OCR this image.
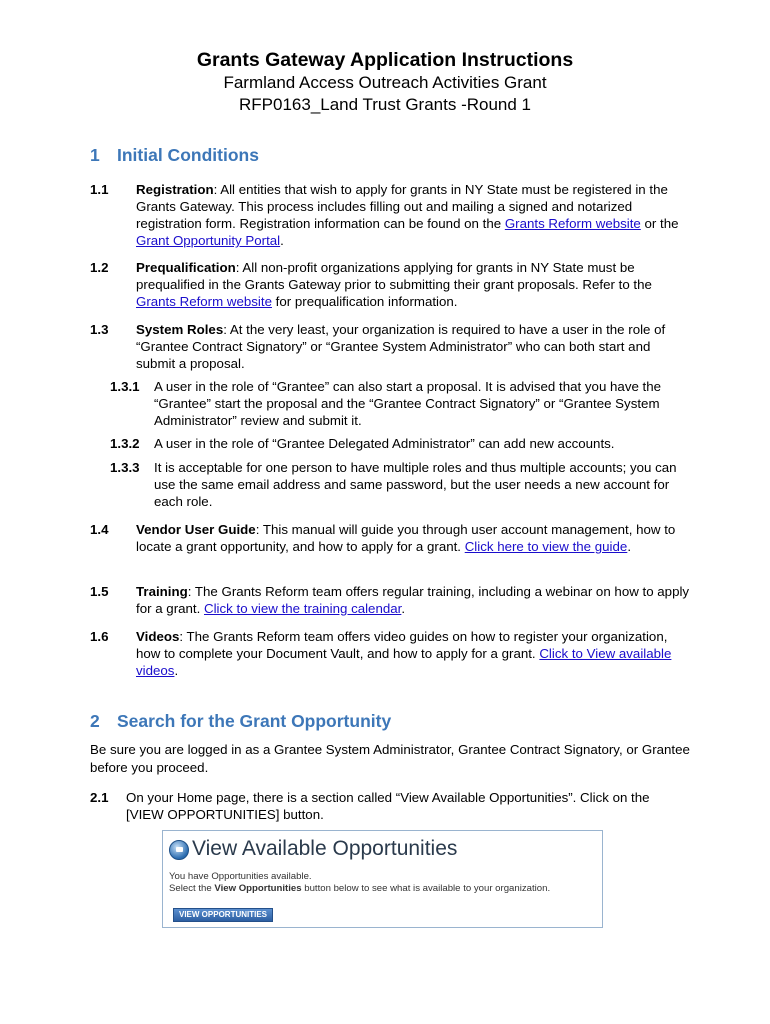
Grants Gateway Application Instructions
Farmland Access Outreach Activities Grant
RFP0163_Land Trust Grants -Round 1
1 Initial Conditions
1.1 Registration: All entities that wish to apply for grants in NY State must be registered in the Grants Gateway. This process includes filling out and mailing a signed and notarized registration form. Registration information can be found on the Grants Reform website or the Grant Opportunity Portal.
1.2 Prequalification: All non-profit organizations applying for grants in NY State must be prequalified in the Grants Gateway prior to submitting their grant proposals. Refer to the Grants Reform website for prequalification information.
1.3 System Roles: At the very least, your organization is required to have a user in the role of “Grantee Contract Signatory” or “Grantee System Administrator” who can both start and submit a proposal.
1.3.1 A user in the role of “Grantee” can also start a proposal. It is advised that you have the “Grantee” start the proposal and the “Grantee Contract Signatory” or “Grantee System Administrator” review and submit it.
1.3.2 A user in the role of “Grantee Delegated Administrator” can add new accounts.
1.3.3 It is acceptable for one person to have multiple roles and thus multiple accounts; you can use the same email address and same password, but the user needs a new account for each role.
1.4 Vendor User Guide: This manual will guide you through user account management, how to locate a grant opportunity, and how to apply for a grant. Click here to view the guide.
1.5 Training: The Grants Reform team offers regular training, including a webinar on how to apply for a grant. Click to view the training calendar.
1.6 Videos: The Grants Reform team offers video guides on how to register your organization, how to complete your Document Vault, and how to apply for a grant. Click to View available videos.
2 Search for the Grant Opportunity
Be sure you are logged in as a Grantee System Administrator, Grantee Contract Signatory, or Grantee before you proceed.
2.1 On your Home page, there is a section called “View Available Opportunities”. Click on the [VIEW OPPORTUNITIES] button.
View Available Opportunities
You have Opportunities available.
Select the View Opportunities button below to see what is available to your organization.
VIEW OPPORTUNITIES
